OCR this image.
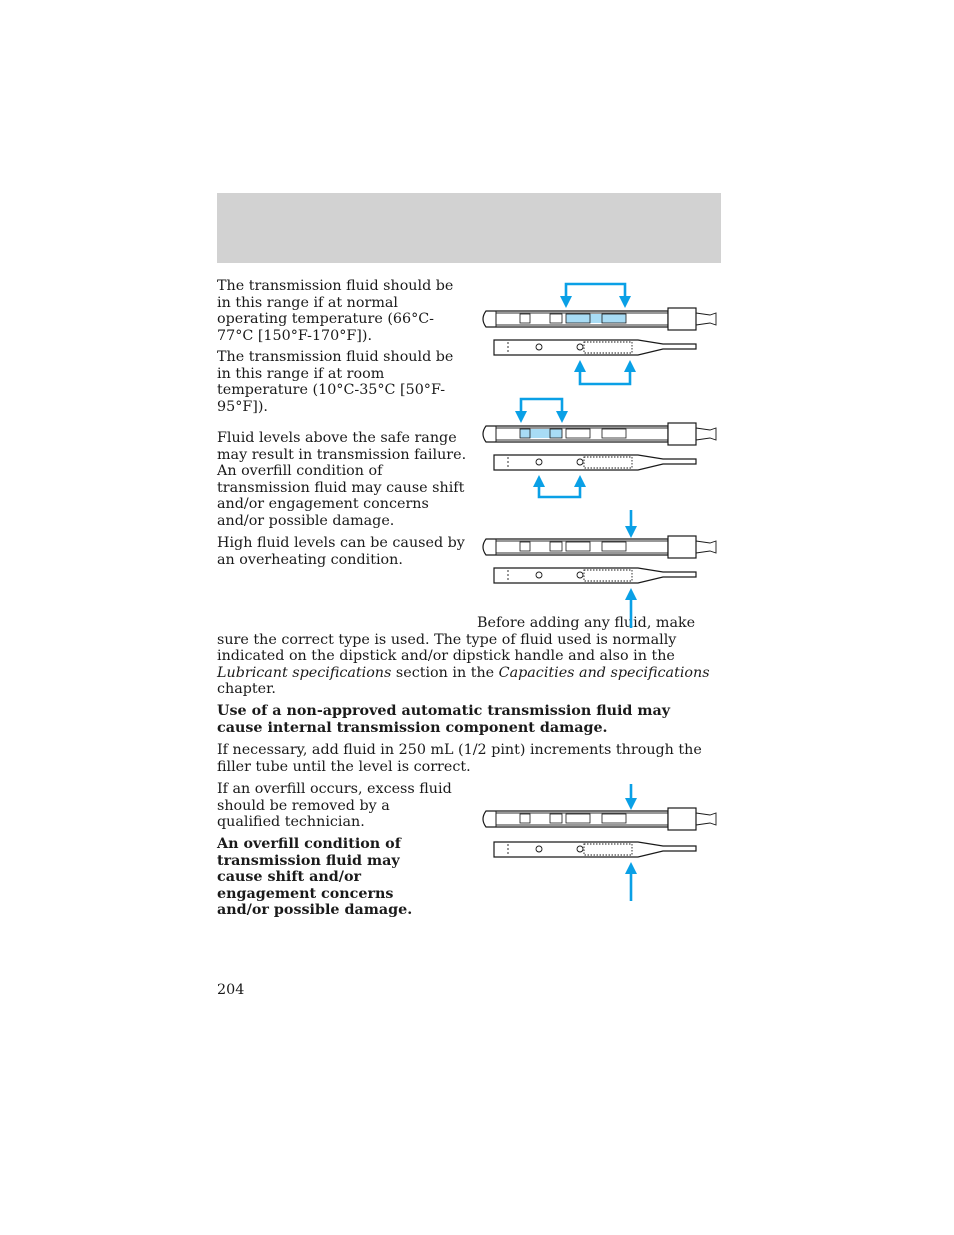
The transmission fluid should be in this range if at normal operating temperature (66°C-77°C [150°F-170°F]).

The transmission fluid should be in this range if at room temperature (10°C-35°C [50°F-95°F]).

Fluid levels above the safe range may result in transmission failure. An overfill condition of transmission fluid may cause shift and/or engagement concerns and/or possible damage.

High fluid levels can be caused by an overheating condition.

Before adding any fluid, make sure the correct type is used. The type of fluid used is normally indicated on the dipstick and/or dipstick handle and also in the Lubricant specifications section in the Capacities and specifications chapter.

Use of a non-approved automatic transmission fluid may cause internal transmission component damage.

If necessary, add fluid in 250 mL (1/2 pint) increments through the filler tube until the level is correct.

If an overfill occurs, excess fluid should be removed by a qualified technician.

An overfill condition of transmission fluid may cause shift and/or engagement concerns and/or possible damage.

204
